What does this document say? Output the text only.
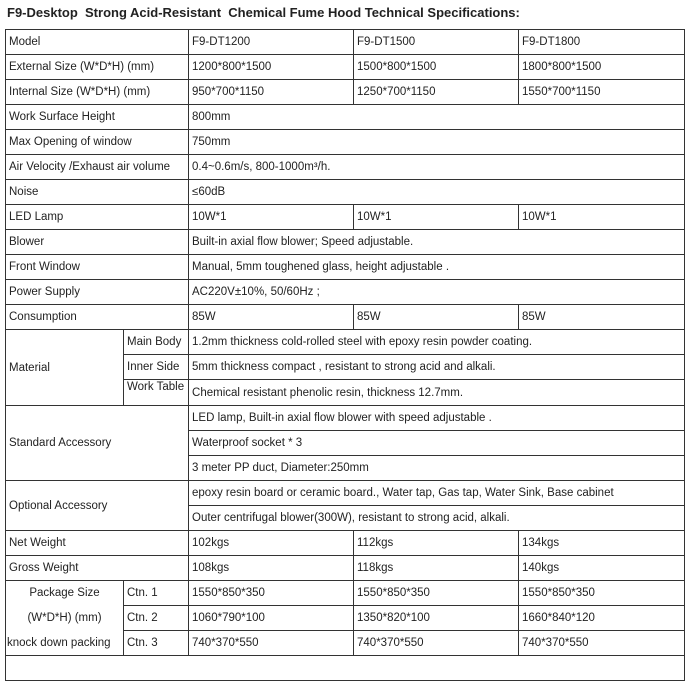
F9-Desktop  Strong Acid-Resistant  Chemical Fume Hood Technical Specifications:
Model		F9-DT1200	F9-DT1500	F9-DT1800
External Size (W*D*H) (mm)		1200*800*1500	1500*800*1500	1800*800*1500
Internal Size (W*D*H) (mm)		950*700*1150	1250*700*1150	1550*700*1150
Work Surface Height		800mm		
Max Opening of window		750mm		
Air Velocity /Exhaust air volume		0.4~0.6m/s, 800-1000m³/h.		
Noise		≤60dB		
LED Lamp		10W*1	10W*1	10W*1
Blower		Built-in axial flow blower; Speed adjustable.		
Front Window		Manual, 5mm toughened glass, height adjustable .		
Power Supply		AC220V±10%, 50/60Hz ;		
Consumption		85W	85W	85W
Material	Main Body	1.2mm thickness cold-rolled steel with epoxy resin powder coating.		
	Inner Side	5mm thickness compact , resistant to strong acid and alkali.		

	Work Table	Chemical resistant phenolic resin, thickness 12.7mm.		
Standard Accessory		LED lamp, Built-in axial flow blower with speed adjustable .		
		Waterproof socket * 3		
		3 meter PP duct, Diameter:250mm		
Optional Accessory		epoxy resin board or ceramic board., Water tap, Gas tap, Water Sink, Base cabinet		
		Outer centrifugal blower(300W), resistant to strong acid, alkali.		
Net Weight		102kgs	112kgs	134kgs
Gross Weight		108kgs	118kgs	140kgs
Package Size	Ctn. 1	1550*850*350	1550*850*350	1550*850*350
(W*D*H) (mm)	Ctn. 2	1060*790*100	1350*820*100	1660*840*120
knock down packing	Ctn. 3	740*370*550	740*370*550	740*370*550
